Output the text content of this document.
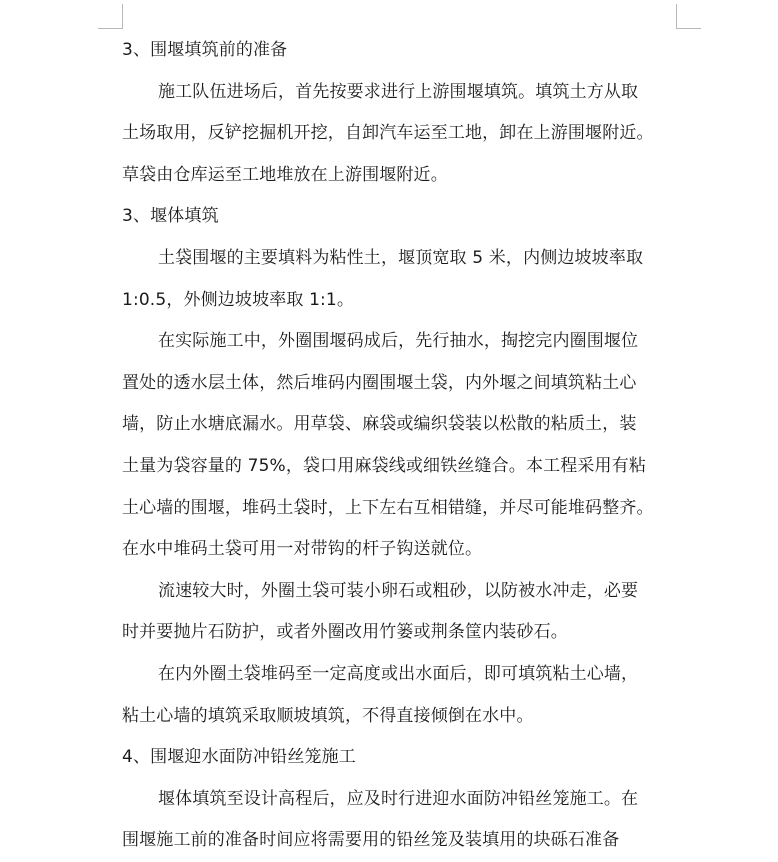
3、围堰填筑前的准备
施工队伍进场后，首先按要求进行上游围堰填筑。填筑土方从取
土场取用，反铲挖掘机开挖，自卸汽车运至工地，卸在上游围堰附近。
草袋由仓库运至工地堆放在上游围堰附近。
3、堰体填筑
土袋围堰的主要填料为粘性土，堰顶宽取 5 米，内侧边坡坡率取
1:0.5，外侧边坡坡率取 1:1。
在实际施工中，外圈围堰码成后，先行抽水，掏挖完内圈围堰位
置处的透水层土体，然后堆码内圈围堰土袋，内外堰之间填筑粘土心
墙，防止水塘底漏水。用草袋、麻袋或编织袋装以松散的粘质土，装
土量为袋容量的 75%，袋口用麻袋线或细铁丝缝合。本工程采用有粘
土心墙的围堰，堆码土袋时，上下左右互相错缝，并尽可能堆码整齐。
在水中堆码土袋可用一对带钩的杆子钩送就位。
流速较大时，外圈土袋可装小卵石或粗砂，以防被水冲走，必要
时并要抛片石防护，或者外圈改用竹篓或荆条筐内装砂石。
在内外圈土袋堆码至一定高度或出水面后，即可填筑粘土心墙，
粘土心墙的填筑采取顺坡填筑，不得直接倾倒在水中。
4、围堰迎水面防冲铅丝笼施工
堰体填筑至设计高程后，应及时行进迎水面防冲铅丝笼施工。在
围堰施工前的准备时间应将需要用的铅丝笼及装填用的块砾石准备
